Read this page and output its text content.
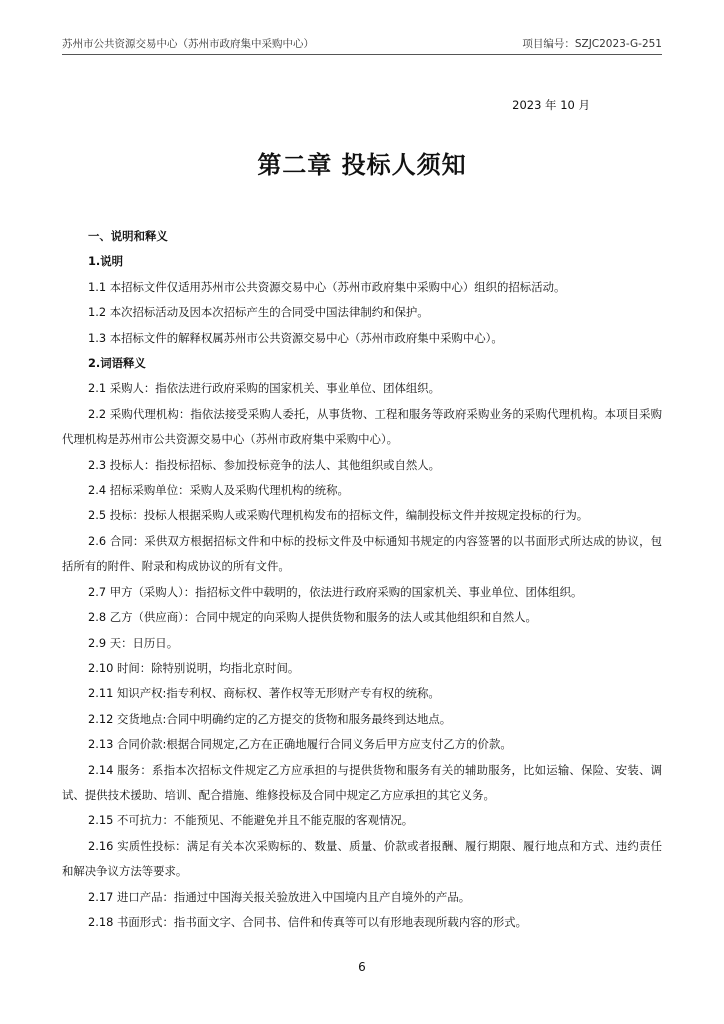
苏州市公共资源交易中心（苏州市政府集中采购中心）	项目编号：SZJC2023-G-251
2023 年 10 月
第二章 投标人须知

一、说明和释义

1.说明

1.1 本招标文件仅适用苏州市公共资源交易中心（苏州市政府集中采购中心）组织的招标活动。

1.2 本次招标活动及因本次招标产生的合同受中国法律制约和保护。

1.3 本招标文件的解释权属苏州市公共资源交易中心（苏州市政府集中采购中心）。

2.词语释义

2.1 采购人：指依法进行政府采购的国家机关、事业单位、团体组织。

2.2 采购代理机构：指依法接受采购人委托，从事货物、工程和服务等政府采购业务的采购代理机构。本项目采购代理机构是苏州市公共资源交易中心（苏州市政府集中采购中心）。

2.3 投标人：指投标招标、参加投标竞争的法人、其他组织或自然人。

2.4 招标采购单位：采购人及采购代理机构的统称。

2.5 投标：投标人根据采购人或采购代理机构发布的招标文件，编制投标文件并按规定投标的行为。

2.6 合同：采供双方根据招标文件和中标的投标文件及中标通知书规定的内容签署的以书面形式所达成的协议，包括所有的附件、附录和构成协议的所有文件。

2.7 甲方（采购人）：指招标文件中载明的，依法进行政府采购的国家机关、事业单位、团体组织。

2.8 乙方（供应商）：合同中规定的向采购人提供货物和服务的法人或其他组织和自然人。

2.9 天：日历日。

2.10 时间：除特别说明，均指北京时间。

2.11 知识产权:指专利权、商标权、著作权等无形财产专有权的统称。

2.12 交货地点:合同中明确约定的乙方提交的货物和服务最终到达地点。

2.13 合同价款:根据合同规定,乙方在正确地履行合同义务后甲方应支付乙方的价款。

2.14 服务：系指本次招标文件规定乙方应承担的与提供货物和服务有关的辅助服务，比如运输、保险、安装、调试、提供技术援助、培训、配合措施、维修投标及合同中规定乙方应承担的其它义务。

2.15 不可抗力：不能预见、不能避免并且不能克服的客观情况。

2.16 实质性投标：满足有关本次采购标的、数量、质量、价款或者报酬、履行期限、履行地点和方式、违约责任和解决争议方法等要求。

2.17 进口产品：指通过中国海关报关验放进入中国境内且产自境外的产品。

2.18 书面形式：指书面文字、合同书、信件和传真等可以有形地表现所载内容的形式。

6
